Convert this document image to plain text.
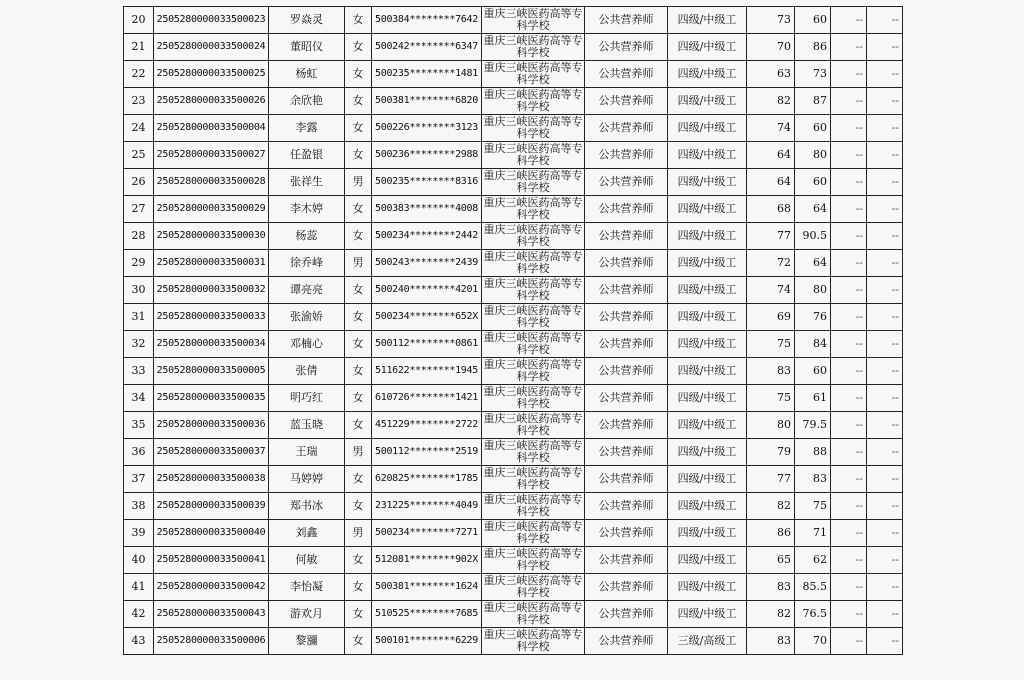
20	2505280000033500023	罗焱灵	女	500384********7642	重庆三峡医药高等专科学校	公共营养师	四级/中级工	73	60	--	--
21	2505280000033500024	董昭仪	女	500242********6347	重庆三峡医药高等专科学校	公共营养师	四级/中级工	70	86	--	--
22	2505280000033500025	杨虹	女	500235********1481	重庆三峡医药高等专科学校	公共营养师	四级/中级工	63	73	--	--
23	2505280000033500026	余欣艳	女	500381********6820	重庆三峡医药高等专科学校	公共营养师	四级/中级工	82	87	--	--
24	2505280000033500004	李露	女	500226********3123	重庆三峡医药高等专科学校	公共营养师	四级/中级工	74	60	--	--
25	2505280000033500027	任盈银	女	500236********2988	重庆三峡医药高等专科学校	公共营养师	四级/中级工	64	80	--	--
26	2505280000033500028	张祥生	男	500235********8316	重庆三峡医药高等专科学校	公共营养师	四级/中级工	64	60	--	--
27	2505280000033500029	李木婷	女	500383********4008	重庆三峡医药高等专科学校	公共营养师	四级/中级工	68	64	--	--
28	2505280000033500030	杨蕊	女	500234********2442	重庆三峡医药高等专科学校	公共营养师	四级/中级工	77	90.5	--	--
29	2505280000033500031	徐乔峰	男	500243********2439	重庆三峡医药高等专科学校	公共营养师	四级/中级工	72	64	--	--
30	2505280000033500032	谭亮亮	女	500240********4201	重庆三峡医药高等专科学校	公共营养师	四级/中级工	74	80	--	--
31	2505280000033500033	张渝娇	女	500234********652X	重庆三峡医药高等专科学校	公共营养师	四级/中级工	69	76	--	--
32	2505280000033500034	邓楠心	女	500112********0861	重庆三峡医药高等专科学校	公共营养师	四级/中级工	75	84	--	--
33	2505280000033500005	张倩	女	511622********1945	重庆三峡医药高等专科学校	公共营养师	四级/中级工	83	60	--	--
34	2505280000033500035	明巧红	女	610726********1421	重庆三峡医药高等专科学校	公共营养师	四级/中级工	75	61	--	--
35	2505280000033500036	蓝玉晓	女	451229********2722	重庆三峡医药高等专科学校	公共营养师	四级/中级工	80	79.5	--	--
36	2505280000033500037	王瑞	男	500112********2519	重庆三峡医药高等专科学校	公共营养师	四级/中级工	79	88	--	--
37	2505280000033500038	马婷婷	女	620825********1785	重庆三峡医药高等专科学校	公共营养师	四级/中级工	77	83	--	--
38	2505280000033500039	郑书冰	女	231225********4049	重庆三峡医药高等专科学校	公共营养师	四级/中级工	82	75	--	--
39	2505280000033500040	刘鑫	男	500234********7271	重庆三峡医药高等专科学校	公共营养师	四级/中级工	86	71	--	--
40	2505280000033500041	何敏	女	512081********902X	重庆三峡医药高等专科学校	公共营养师	四级/中级工	65	62	--	--
41	2505280000033500042	李怡凝	女	500381********1624	重庆三峡医药高等专科学校	公共营养师	四级/中级工	83	85.5	--	--
42	2505280000033500043	游欢月	女	510525********7685	重庆三峡医药高等专科学校	公共营养师	四级/中级工	82	76.5	--	--
43	2505280000033500006	黎瀰	女	500101********6229	重庆三峡医药高等专科学校	公共营养师	三级/高级工	83	70	--	--
